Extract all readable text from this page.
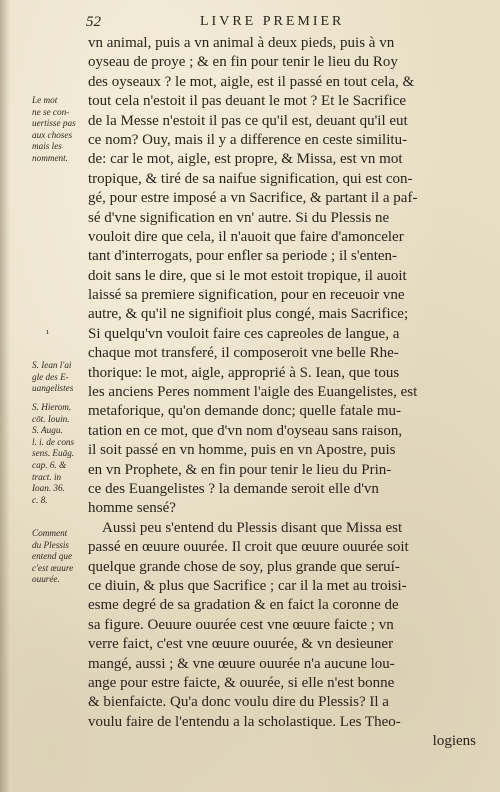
52	LIVRE PREMIER
vn animal, puis a vn animal à deux pieds, puis à vn
oyseau de proye ; & en fin pour tenir le lieu du Roy
des oyseaux ? le mot, aigle, est il passé en tout cela, &
tout cela n'estoit il pas deuant le mot ? Et le Sacrifice
de la Messe n'estoit il pas ce qu'il est, deuant qu'il eut
ce nom? Ouy, mais il y a difference en ceste similitu-
de: car le mot, aigle, est propre, & Missa, est vn mot
tropique, & tiré de sa naifue signification, qui est con-
gé, pour estre imposé a vn Sacrifice, & partant il a paf-
sé d'vne signification en vn' autre. Si du Plessis ne
vouloit dire que cela, il n'auoit que faire d'amonceler
tant d'interrogats, pour enfler sa periode ; il s'enten-
doit sans le dire, que si le mot estoit tropique, il auoit
laissé sa premiere signification, pour en receuoir vne
autre, & qu'il ne signifioit plus congé, mais Sacrifice;
Si quelqu'vn vouloit faire ces capreoles de langue, a
chaque mot transferé, il composeroit vne belle Rhe-
thorique: le mot, aigle, approprié à S. Iean, que tous
les anciens Peres nomment l'aigle des Euangelistes, est
metaforique, qu'on demande donc; quelle fatale mu-
tation en ce mot, que d'vn nom d'oyseau sans raison,
il soit passé en vn homme, puis en vn Apostre, puis
en vn Prophete, & en fin pour tenir le lieu du Prin-
ce des Euangelistes ? la demande seroit elle d'vn
homme sensé?
Aussi peu s'entend du Plessis disant que Missa est
passé en œuure ouurée. Il croit que œuure ouurée soit
quelque grande chose de soy, plus grande que seruí-
ce diuin, & plus que Sacrifice ; car il la met au troisi-
esme degré de sa gradation & en faict la coronne de
sa figure. Oeuure ouurée cest vne œuure faicte ; vn
verre faict, c'est vne œuure ouurée, & vn desieuner
mangé, aussi ; & vne œuure ouurée n'a aucune lou-
ange pour estre faicte, & ouurée, si elle n'est bonne
& bienfaicte. Qu'a donc voulu dire du Plessis? Il a
voulu faire de l'entendu a la scholastique. Les Theo-
logiens
Le mot
ne se con-
uertisse pas
aux choses
mais les
nomment.
¹
S. Iean l'ai
gle des E-
uangelistes
S. Hierom.
cōt. Iouin.
S. Augu.
l. i. de cons
sens. Euāg.
cap. 6. &
tract. in
Ioan. 36.
c. 8.
Comment
du Plessis
entend que
c'est œuure
ouurée.
